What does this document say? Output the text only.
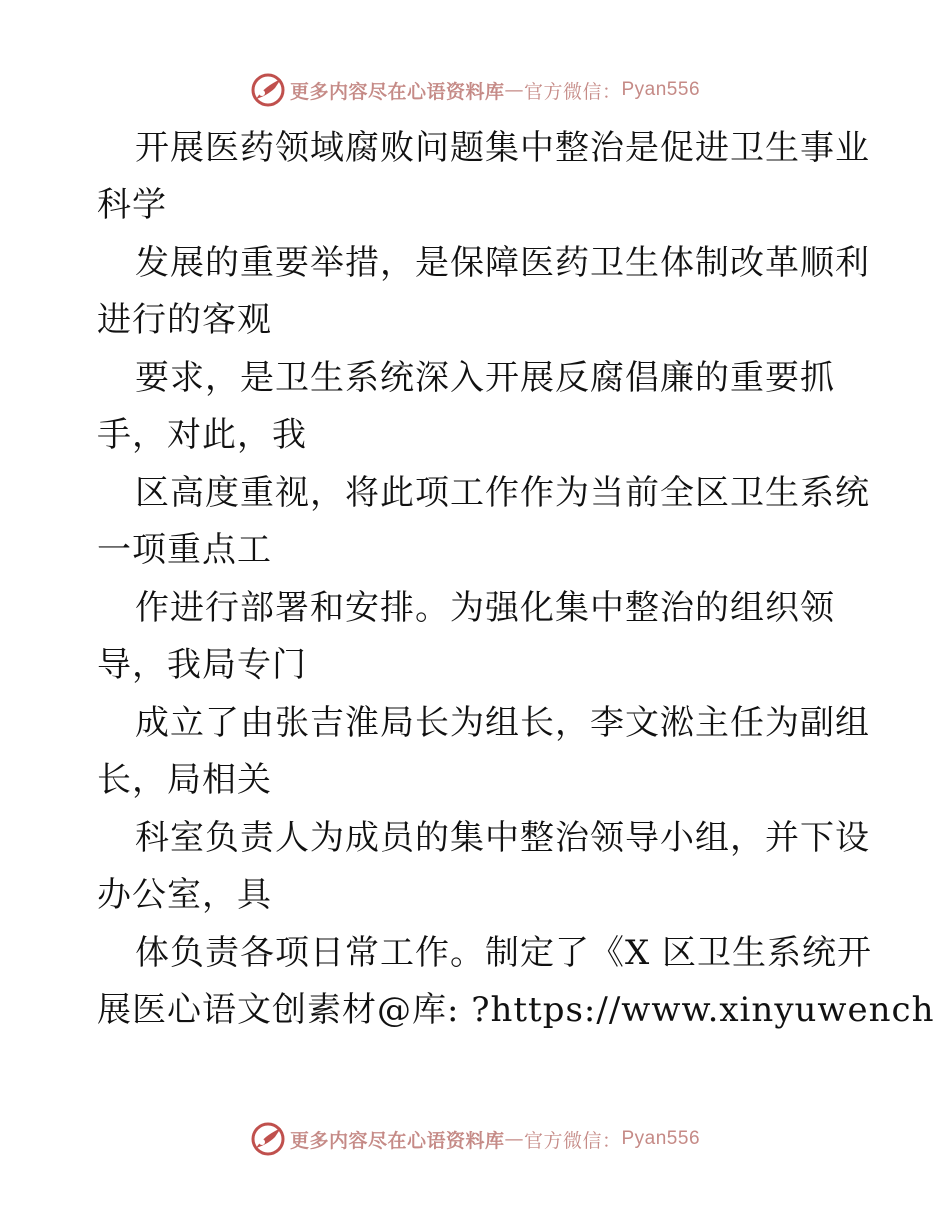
更多内容尽在心语资料库 — 官方微信： Pyan556
开展医药领域腐败问题集中整治是促进卫生事业
科学
发展的重要举措，是保障医药卫生体制改革顺利
进行的客观
要求，是卫生系统深入开展反腐倡廉的重要抓
手，对此，我
区高度重视，将此项工作作为当前全区卫生系统
一项重点工
作进行部署和安排。为强化集中整治的组织领
导，我局专门
成立了由张吉淮局长为组长，李文淞主任为副组
长，局相关
科室负责人为成员的集中整治领导小组，并下设
办公室，具
体负责各项日常工作。制定了《X 区卫生系统开
展医心语文创素材@库: ?https://www.xinyuwench
更多内容尽在心语资料库 — 官方微信： Pyan556
